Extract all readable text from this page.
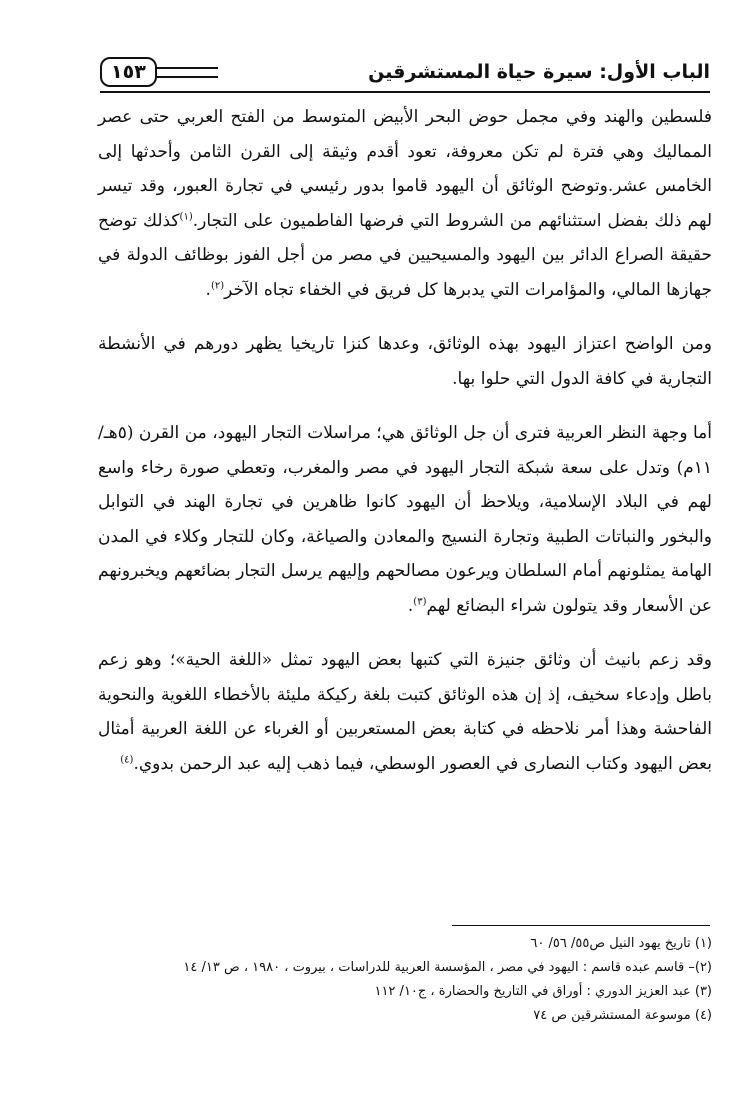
الباب الأول: سيرة حياة المستشرقين
١٥٣

فلسطين والهند وفي مجمل حوض البحر الأبيض المتوسط من الفتح العربي حتى عصر المماليك وهي فترة لم تكن معروفة، تعود أقدم وثيقة إلى القرن الثامن وأحدثها إلى الخامس عشر.وتوضح الوثائق أن اليهود قاموا بدور رئيسي في تجارة العبور، وقد تيسر لهم ذلك بفضل استثنائهم من الشروط التي فرضها الفاطميون على التجار.$^{(١)}$كذلك توضح حقيقة الصراع الدائر بين اليهود والمسيحيين في مصر من أجل الفوز بوظائف الدولة في جهازها المالي، والمؤامرات التي يدبرها كل فريق في الخفاء تجاه الآخر$^{(٢)}$.

ومن الواضح اعتزاز اليهود بهذه الوثائق، وعدها كنزا تاريخيا يظهر دورهم في الأنشطة التجارية في كافة الدول التي حلوا بها.

أما وجهة النظر العربية فترى أن جل الوثائق هي؛ مراسلات التجار اليهود، من القرن (٥هـ/ ١١م) وتدل على سعة شبكة التجار اليهود في مصر والمغرب، وتعطي صورة رخاء واسع لهم في البلاد الإسلامية، ويلاحظ أن اليهود كانوا ظاهرين في تجارة الهند في التوابل والبخور والنباتات الطبية وتجارة النسيج والمعادن والصياغة، وكان للتجار وكلاء في المدن الهامة يمثلونهم أمام السلطان ويرعون مصالحهم وإليهم يرسل التجار بضائعهم ويخبرونهم عن الأسعار وقد يتولون شراء البضائع لهم$^{(٣)}$.

وقد زعم بانيث أن وثائق جنيزة التي كتبها بعض اليهود تمثل «اللغة الحية»؛ وهو زعم باطل وإدعاء سخيف، إذ إن هذه الوثائق كتبت بلغة ركيكة مليئة بالأخطاء اللغوية والنحوية الفاحشة وهذا أمر نلاحظه في كتابة بعض المستعربين أو الغرباء عن اللغة العربية أمثال بعض اليهود وكتاب النصارى في العصور الوسطي، فيما ذهب إليه عبد الرحمن بدوي.$^{(٤)}$

(١) تاريخ يهود النيل ص٥٥/ ٥٦/ ٦٠
(٢)– قاسم عبده قاسم : اليهود في مصر ، المؤسسة العربية للدراسات ، بيروت ، ١٩٨٠ ، ص ١٣/ ١٤
(٣) عبد العزيز الدوري : أوراق في التاريخ والحضارة ، ج١٠/ ١١٢
(٤) موسوعة المستشرقين ص ٧٤
